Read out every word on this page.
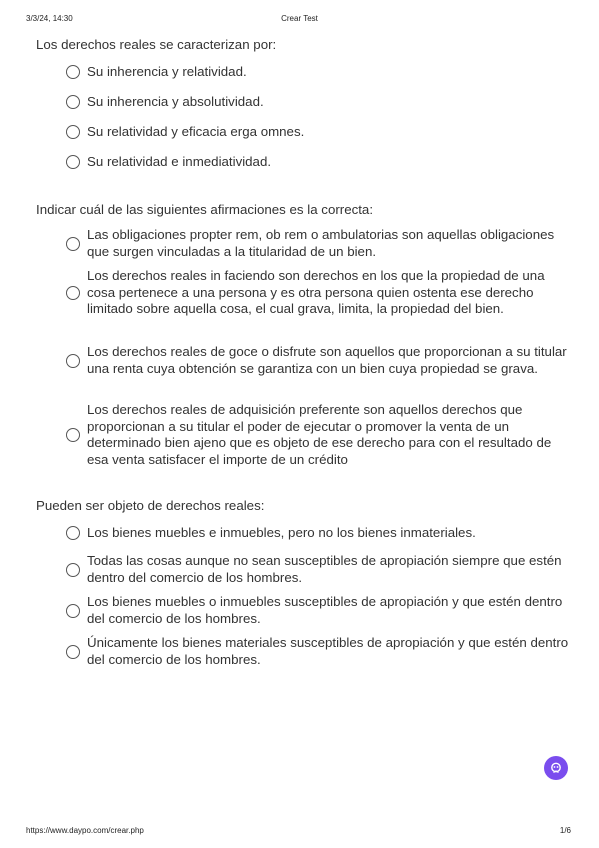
3/3/24, 14:30	Crear Test
Los derechos reales se caracterizan por:
Su inherencia y relatividad.
Su inherencia y absolutividad.
Su relatividad y eficacia erga omnes.
Su relatividad e inmediatividad.
Indicar cuál de las siguientes afirmaciones es la correcta:
Las obligaciones propter rem, ob rem o ambulatorias son aquellas obligaciones que surgen vinculadas a la titularidad de un bien.
Los derechos reales in faciendo son derechos en los que la propiedad de una cosa pertenece a una persona y es otra persona quien ostenta ese derecho limitado sobre aquella cosa, el cual grava, limita, la propiedad del bien.
Los derechos reales de goce o disfrute son aquellos que proporcionan a su titular una renta cuya obtención se garantiza con un bien cuya propiedad se grava.
Los derechos reales de adquisición preferente son aquellos derechos que proporcionan a su titular el poder de ejecutar o promover la venta de un determinado bien ajeno que es objeto de ese derecho para con el resultado de esa venta satisfacer el importe de un crédito
Pueden ser objeto de derechos reales:
Los bienes muebles e inmuebles, pero no los bienes inmateriales.
Todas las cosas aunque no sean susceptibles de apropiación siempre que estén dentro del comercio de los hombres.
Los bienes muebles o inmuebles susceptibles de apropiación y que estén dentro del comercio de los hombres.
Únicamente los bienes materiales susceptibles de apropiación y que estén dentro del comercio de los hombres.
https://www.daypo.com/crear.php	1/6
